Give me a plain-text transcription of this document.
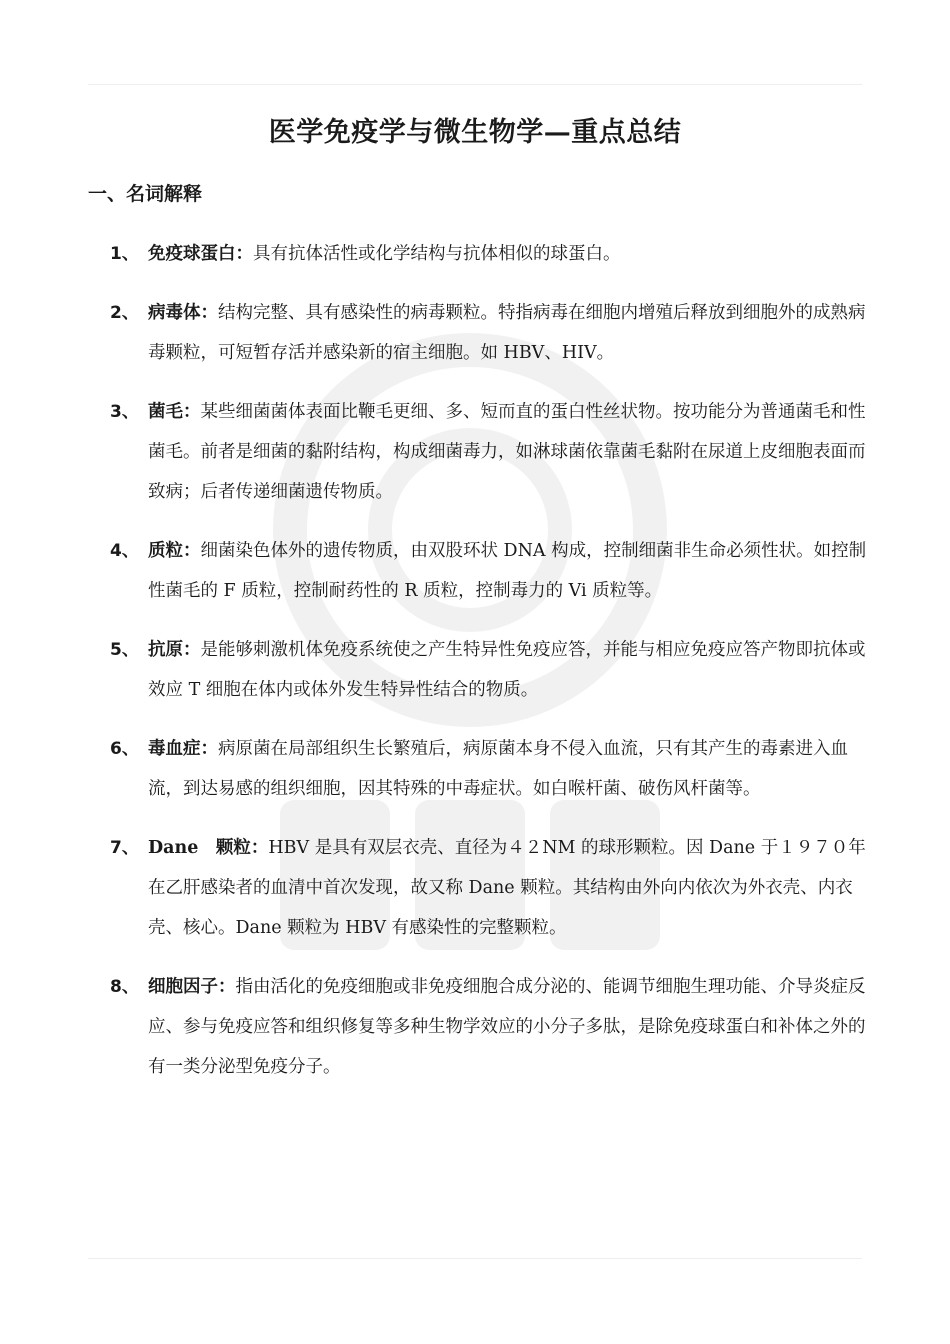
医学免疫学与微生物学—重点总结
一、名词解释
1、 免疫球蛋白：具有抗体活性或化学结构与抗体相似的球蛋白。
2、 病毒体：结构完整、具有感染性的病毒颗粒。特指病毒在细胞内增殖后释放到细胞外的成熟病毒颗粒，可短暂存活并感染新的宿主细胞。如 HBV、HIV。
3、 菌毛：某些细菌菌体表面比鞭毛更细、多、短而直的蛋白性丝状物。按功能分为普通菌毛和性菌毛。前者是细菌的黏附结构，构成细菌毒力，如淋球菌依靠菌毛黏附在尿道上皮细胞表面而致病；后者传递细菌遗传物质。
4、 质粒：细菌染色体外的遗传物质，由双股环状 DNA 构成，控制细菌非生命必须性状。如控制性菌毛的 F 质粒，控制耐药性的 R 质粒，控制毒力的 Vi 质粒等。
5、 抗原：是能够刺激机体免疫系统使之产生特异性免疫应答，并能与相应免疫应答产物即抗体或效应 T 细胞在体内或体外发生特异性结合的物质。
6、 毒血症：病原菌在局部组织生长繁殖后，病原菌本身不侵入血流，只有其产生的毒素进入血流，到达易感的组织细胞，因其特殊的中毒症状。如白喉杆菌、破伤风杆菌等。
7、 Dane　颗粒：HBV 是具有双层衣壳、直径为４２NM 的球形颗粒。因 Dane 于１９７０年在乙肝感染者的血清中首次发现，故又称 Dane 颗粒。其结构由外向内依次为外衣壳、内衣壳、核心。Dane 颗粒为 HBV 有感染性的完整颗粒。
8、 细胞因子：指由活化的免疫细胞或非免疫细胞合成分泌的、能调节细胞生理功能、介导炎症反应、参与免疫应答和组织修复等多种生物学效应的小分子多肽，是除免疫球蛋白和补体之外的有一类分泌型免疫分子。
